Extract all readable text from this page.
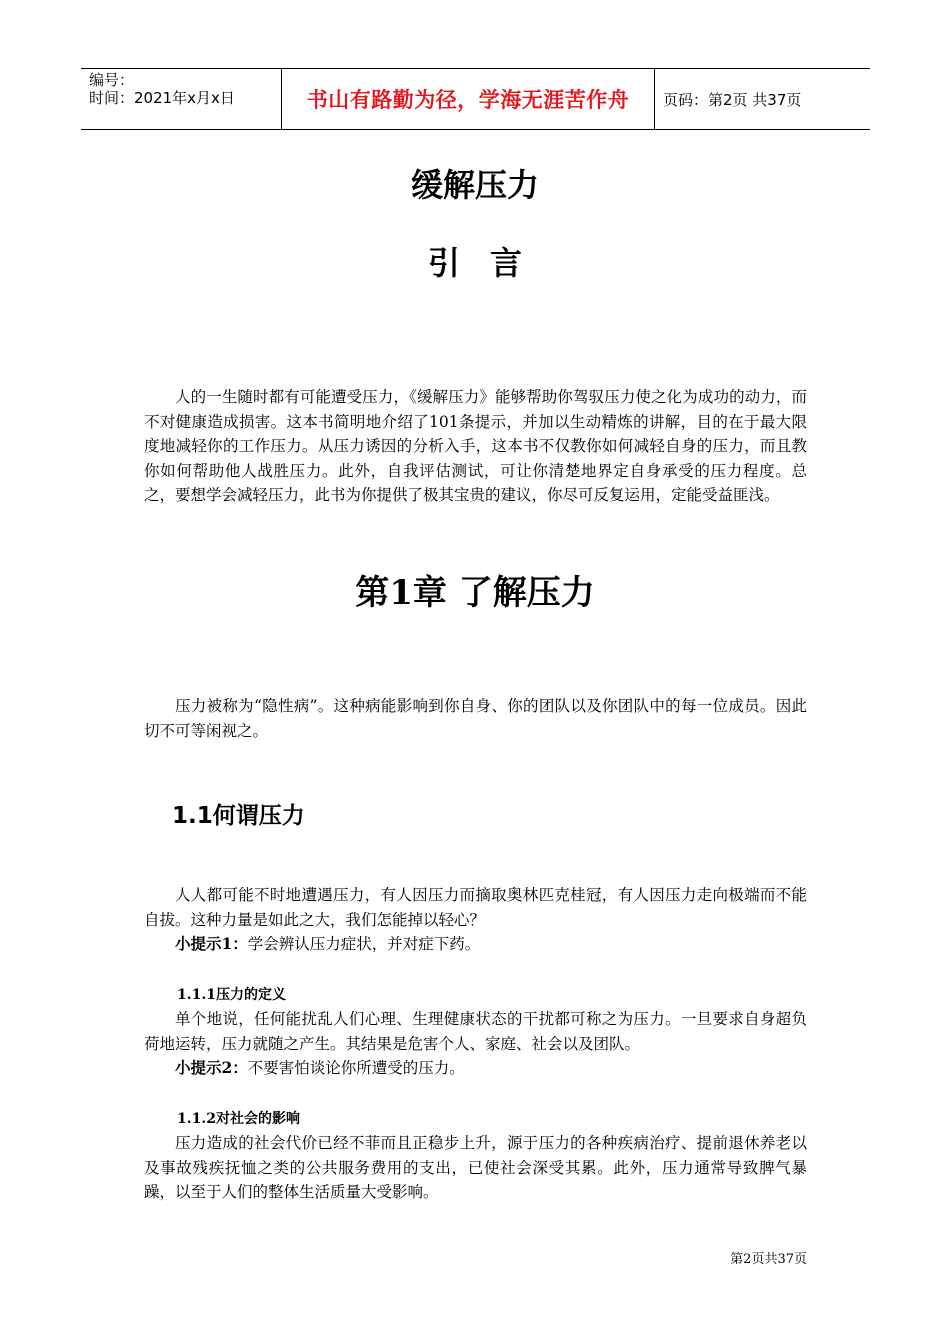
编号：
时间：2021年x月x日	书山有路勤为径，学海无涯苦作舟	页码：第2页 共37页
缓解压力
引言
人的一生随时都有可能遭受压力，《缓解压力》能够帮助你驾驭压力使之化为成功的动力，而不对健康造成损害。这本书简明地介绍了101条提示，并加以生动精炼的讲解，目的在于最大限度地减轻你的工作压力。从压力诱因的分析入手，这本书不仅教你如何减轻自身的压力，而且教你如何帮助他人战胜压力。此外，自我评估测试，可让你清楚地界定自身承受的压力程度。总之，要想学会减轻压力，此书为你提供了极其宝贵的建议，你尽可反复运用，定能受益匪浅。
第1章 了解压力
压力被称为“隐性病”。这种病能影响到你自身、你的团队以及你团队中的每一位成员。因此切不可等闲视之。
1.1何谓压力
人人都可能不时地遭遇压力，有人因压力而摘取奥林匹克桂冠，有人因压力走向极端而不能自拔。这种力量是如此之大，我们怎能掉以轻心？
小提示1：学会辨认压力症状，并对症下药。
1.1.1压力的定义
单个地说，任何能扰乱人们心理、生理健康状态的干扰都可称之为压力。一旦要求自身超负荷地运转，压力就随之产生。其结果是危害个人、家庭、社会以及团队。
小提示2：不要害怕谈论你所遭受的压力。
1.1.2对社会的影响
压力造成的社会代价已经不菲而且正稳步上升，源于压力的各种疾病治疗、提前退休养老以及事故残疾抚恤之类的公共服务费用的支出，已使社会深受其累。此外，压力通常导致脾气暴躁，以至于人们的整体生活质量大受影响。
第2页共37页
